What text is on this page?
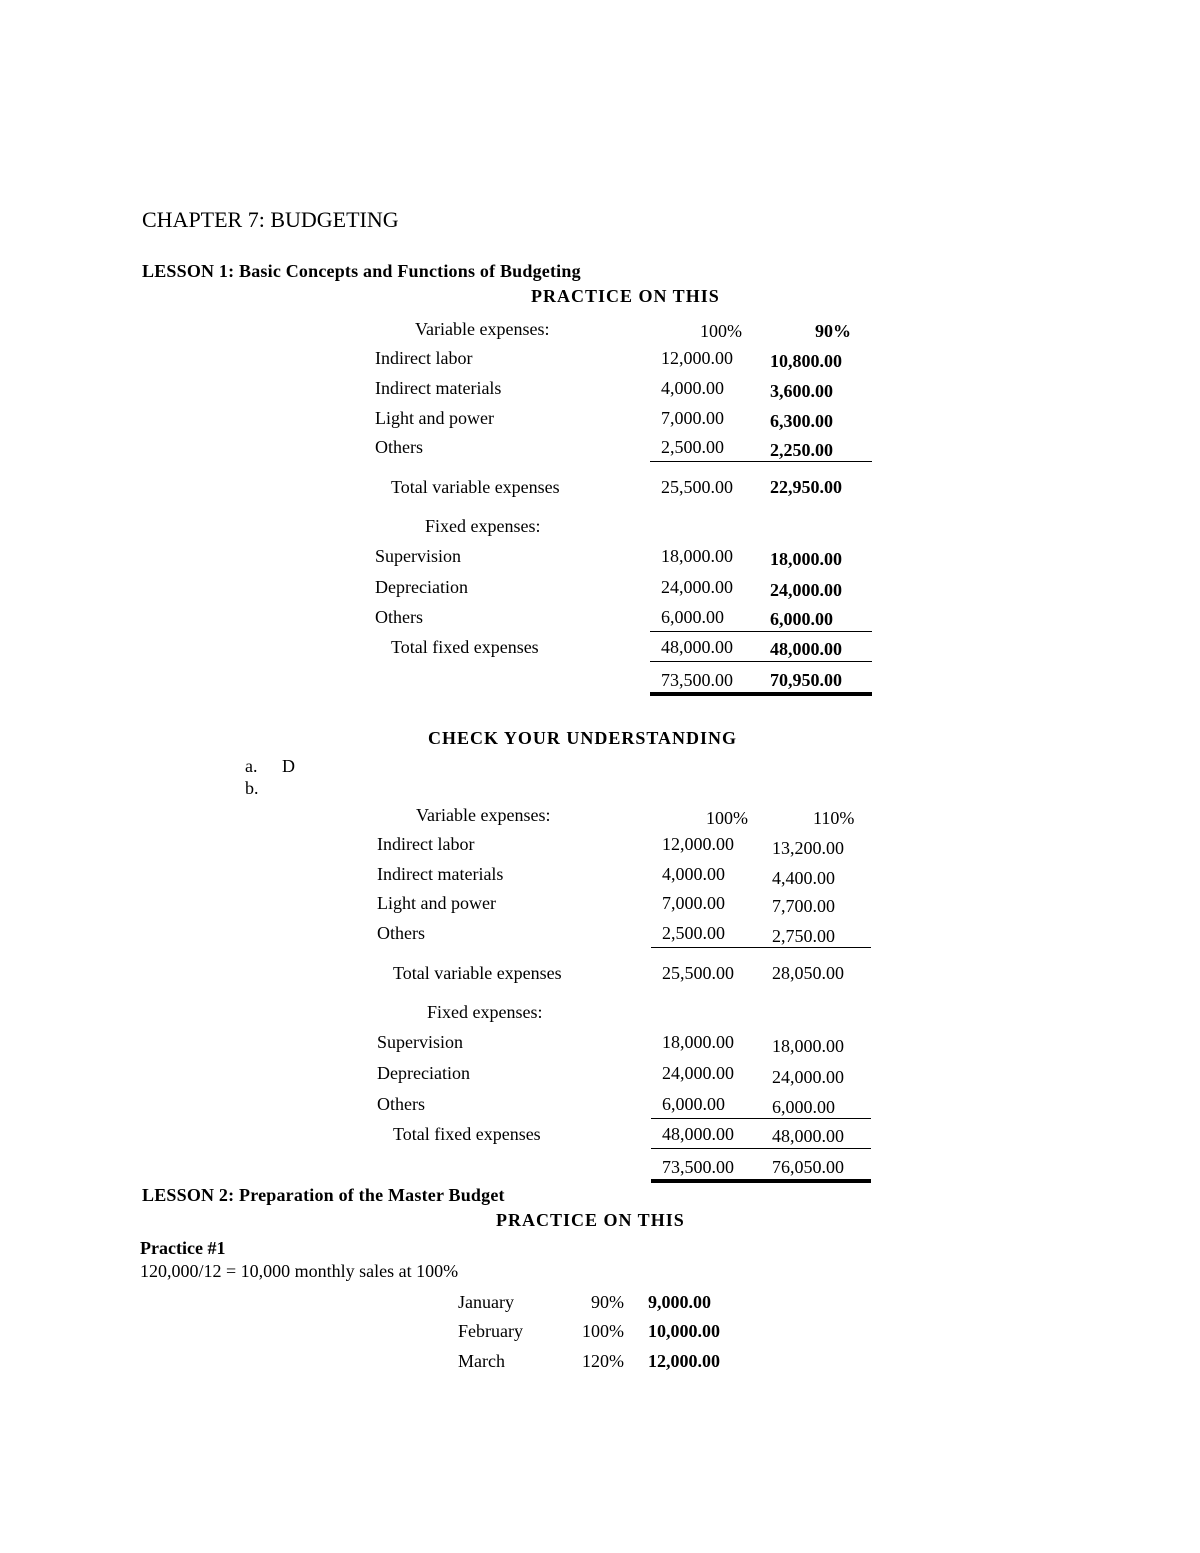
CHAPTER 7: BUDGETING
LESSON 1: Basic Concepts and Functions of Budgeting
PRACTICE ON THIS
Variable expenses:	100%	90%
Indirect labor	12,000.00 10,800.00
Indirect materials	4,000.00	3,600.00
Light and power	7,000.00	6,300.00
Others	2,500.00	2,250.00
Total variable expenses	25,500.00 22,950.00
Fixed expenses:
Supervision	18,000.00 18,000.00
Depreciation	24,000.00 24,000.00
Others	6,000.00	6,000.00
Total fixed expenses	48,000.00 48,000.00
73,500.00 70,950.00
CHECK YOUR UNDERSTANDING
a. D
b.
Variable expenses:	100%	110%
Indirect labor	12,000.00 13,200.00
Indirect materials	4,000.00	4,400.00
Light and power	7,000.00	7,700.00
Others	2,500.00	2,750.00
Total variable expenses	25,500.00 28,050.00
Fixed expenses:
Supervision	18,000.00 18,000.00
Depreciation	24,000.00 24,000.00
Others	6,000.00	6,000.00
Total fixed expenses	48,000.00 48,000.00
73,500.00 76,050.00
LESSON 2: Preparation of the Master Budget
PRACTICE ON THIS
Practice #1
120,000/12 = 10,000 monthly sales at 100%
January	90% 9,000.00
February	100% 10,000.00
March	120% 12,000.00
